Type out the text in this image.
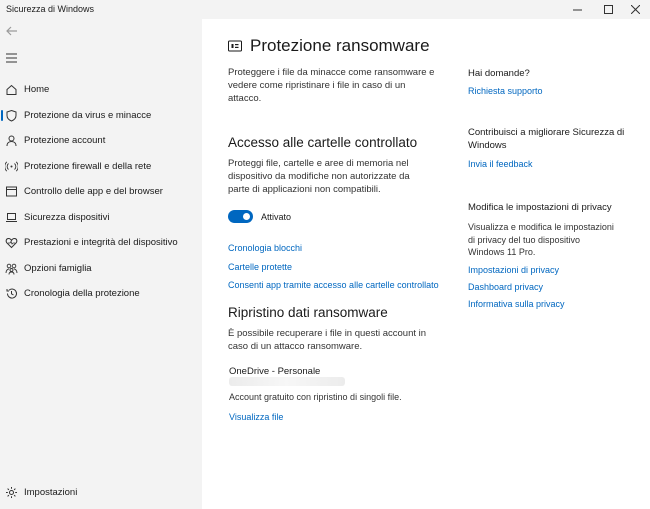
Sicurezza di Windows
Home
Protezione da virus e minacce
Protezione account
Protezione firewall e della rete
Controllo delle app e del browser
Sicurezza dispositivi
Prestazioni e integrità del dispositivo
Opzioni famiglia
Cronologia della protezione
Impostazioni
Protezione ransomware
Proteggere i file da minacce come ransomware e vedere come ripristinare i file in caso di un attacco.
Accesso alle cartelle controllato
Proteggi file, cartelle e aree di memoria nel dispositivo da modifiche non autorizzate da parte di applicazioni non compatibili.
Attivato
Cronologia blocchi
Cartelle protette
Consenti app tramite accesso alle cartelle controllato
Ripristino dati ransomware
È possibile recuperare i file in questi account in caso di un attacco ransomware.
OneDrive - Personale
Account gratuito con ripristino di singoli file.
Visualizza file
Hai domande?
Richiesta supporto
Contribuisci a migliorare Sicurezza di Windows
Invia il feedback
Modifica le impostazioni di privacy
Visualizza e modifica le impostazioni di privacy del tuo dispositivo Windows 11 Pro.
Impostazioni di privacy
Dashboard privacy
Informativa sulla privacy
